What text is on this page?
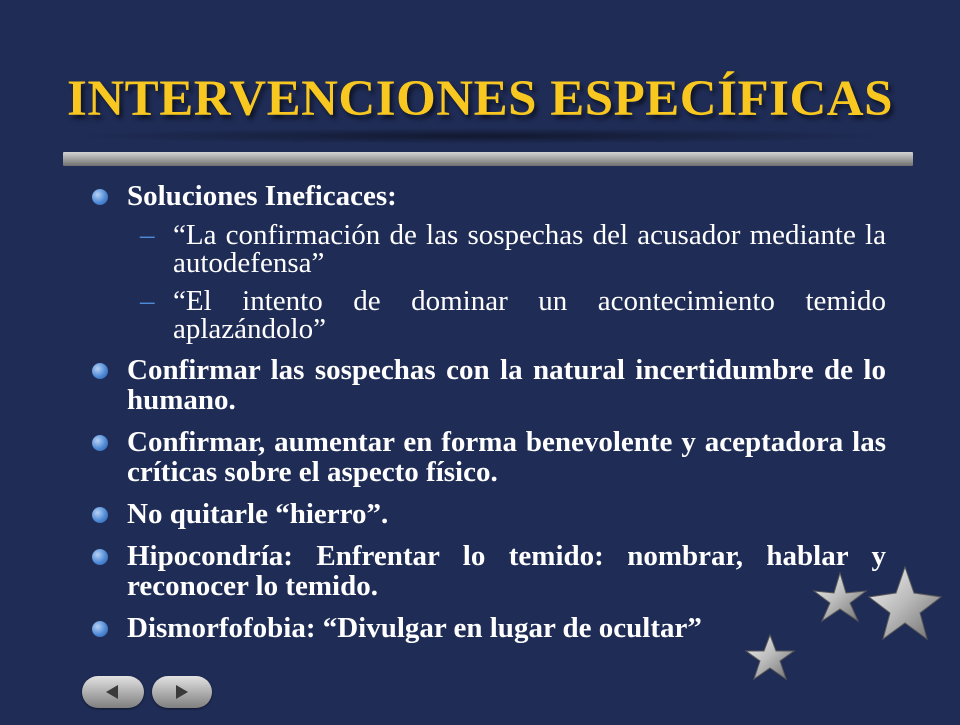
INTERVENCIONES ESPECÍFICAS
Soluciones Ineficaces:
– “La confirmación de las sospechas del acusador mediante la autodefensa”
– “El intento de dominar un acontecimiento temido aplazándolo”
Confirmar las sospechas con la natural incertidumbre de lo humano.
Confirmar, aumentar en forma benevolente y aceptadora las críticas sobre el aspecto físico.
No quitarle “hierro”.
Hipocondría: Enfrentar lo temido: nombrar, hablar y reconocer lo temido.
Dismorfofobia: “Divulgar en lugar de ocultar”
